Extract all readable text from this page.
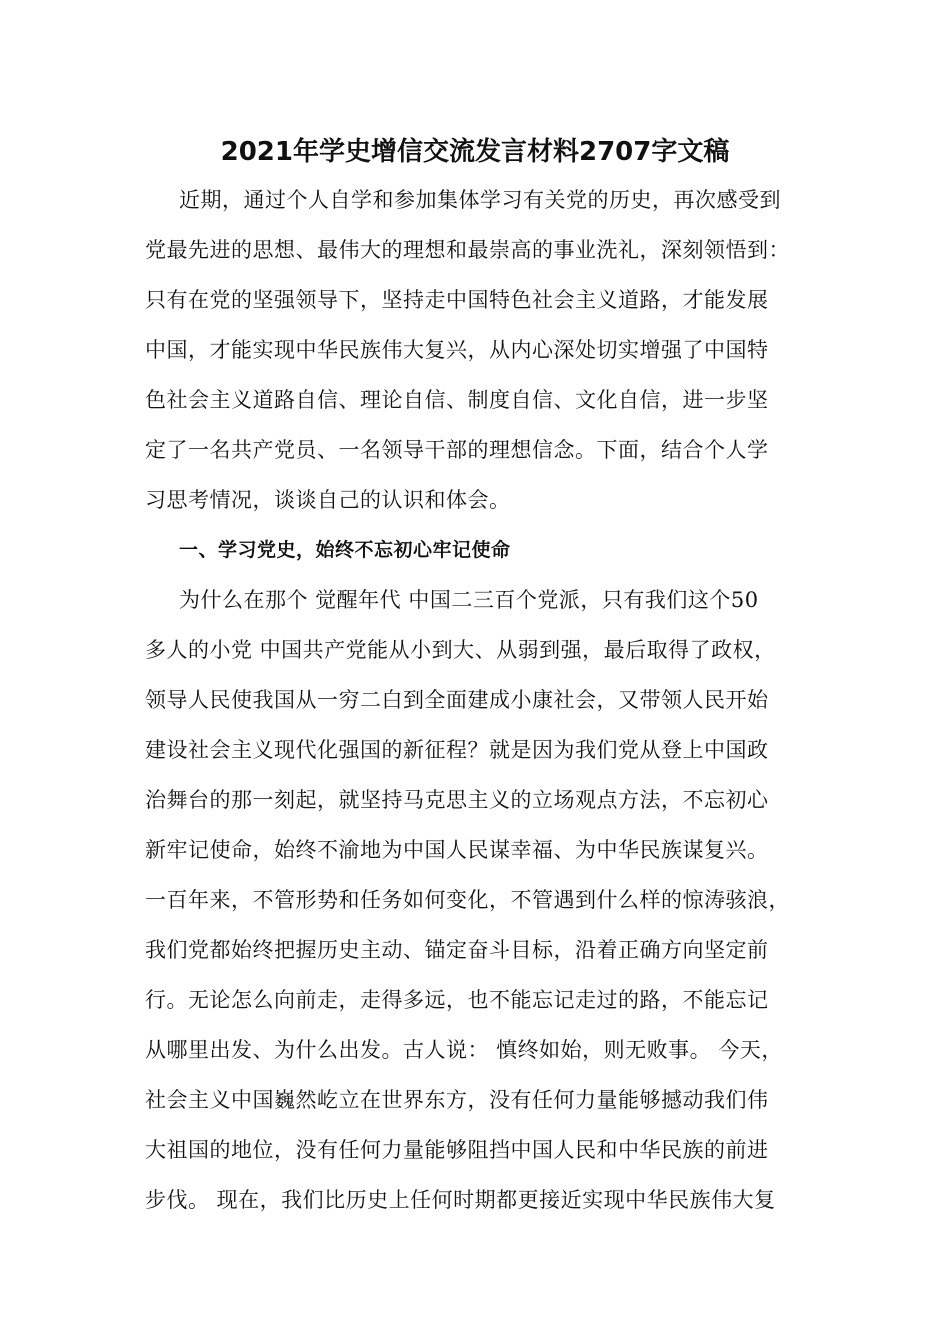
2021年学史增信交流发言材料2707字文稿
近期，通过个人自学和参加集体学习有关党的历史，再次感受到
党最先进的思想、最伟大的理想和最崇高的事业洗礼，深刻领悟到：
只有在党的坚强领导下，坚持走中国特色社会主义道路，才能发展
中国，才能实现中华民族伟大复兴，从内心深处切实增强了中国特
色社会主义道路自信、理论自信、制度自信、文化自信，进一步坚
定了一名共产党员、一名领导干部的理想信念。下面，结合个人学
习思考情况，谈谈自己的认识和体会。
一、学习党史，始终不忘初心牢记使命
为什么在那个 觉醒年代 中国二三百个党派，只有我们这个50
多人的小党 中国共产党能从小到大、从弱到强，最后取得了政权，
领导人民使我国从一穷二白到全面建成小康社会，又带领人民开始
建设社会主义现代化强国的新征程？就是因为我们党从登上中国政
治舞台的那一刻起，就坚持马克思主义的立场观点方法，不忘初心
新牢记使命，始终不渝地为中国人民谋幸福、为中华民族谋复兴。
一百年来，不管形势和任务如何变化，不管遇到什么样的惊涛骇浪，
我们党都始终把握历史主动、锚定奋斗目标，沿着正确方向坚定前
行。无论怎么向前走，走得多远，也不能忘记走过的路，不能忘记
从哪里出发、为什么出发。古人说： 慎终如始，则无败事。 今天，
社会主义中国巍然屹立在世界东方，没有任何力量能够撼动我们伟
大祖国的地位，没有任何力量能够阻挡中国人民和中华民族的前进
步伐。 现在，我们比历史上任何时期都更接近实现中华民族伟大复
